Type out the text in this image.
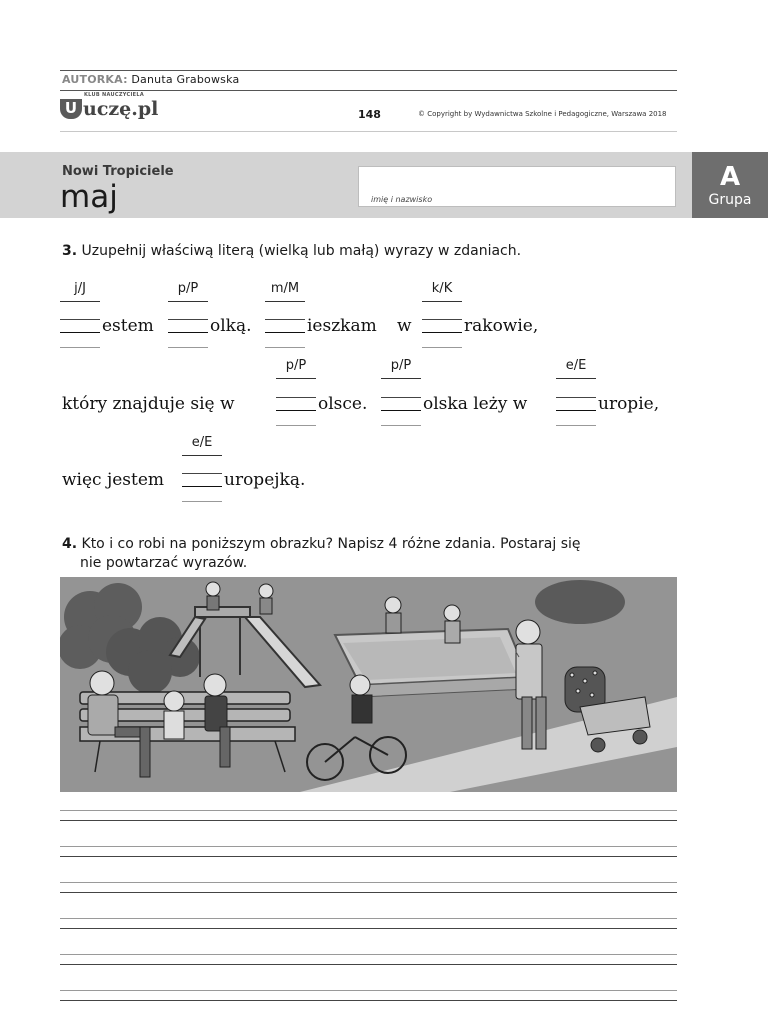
AUTORKA: Danuta Grabowska
U
KLUB NAUCZYCIELA
uczę.pl	148	© Copyright by Wydawnictwa Szkolne i Pedagogiczne, Warszawa 2018
Nowi Tropiciele
maj	imię i nazwisko
A
Grupa
3. Uzupełnij właściwą literą (wielką lub małą) wyrazy w zdaniach.
j/J	p/P	m/M	k/K
estem	olką.	ieszkam w	rakowie,
p/P	p/P	e/E
który znajduje się w	olsce.	olska leży w	uropie,
e/E
więc jestem	uropejką.
4. Kto i co robi na poniższym obrazku? Napisz 4 różne zdania. Postaraj się
nie powtarzać wyrazów.
